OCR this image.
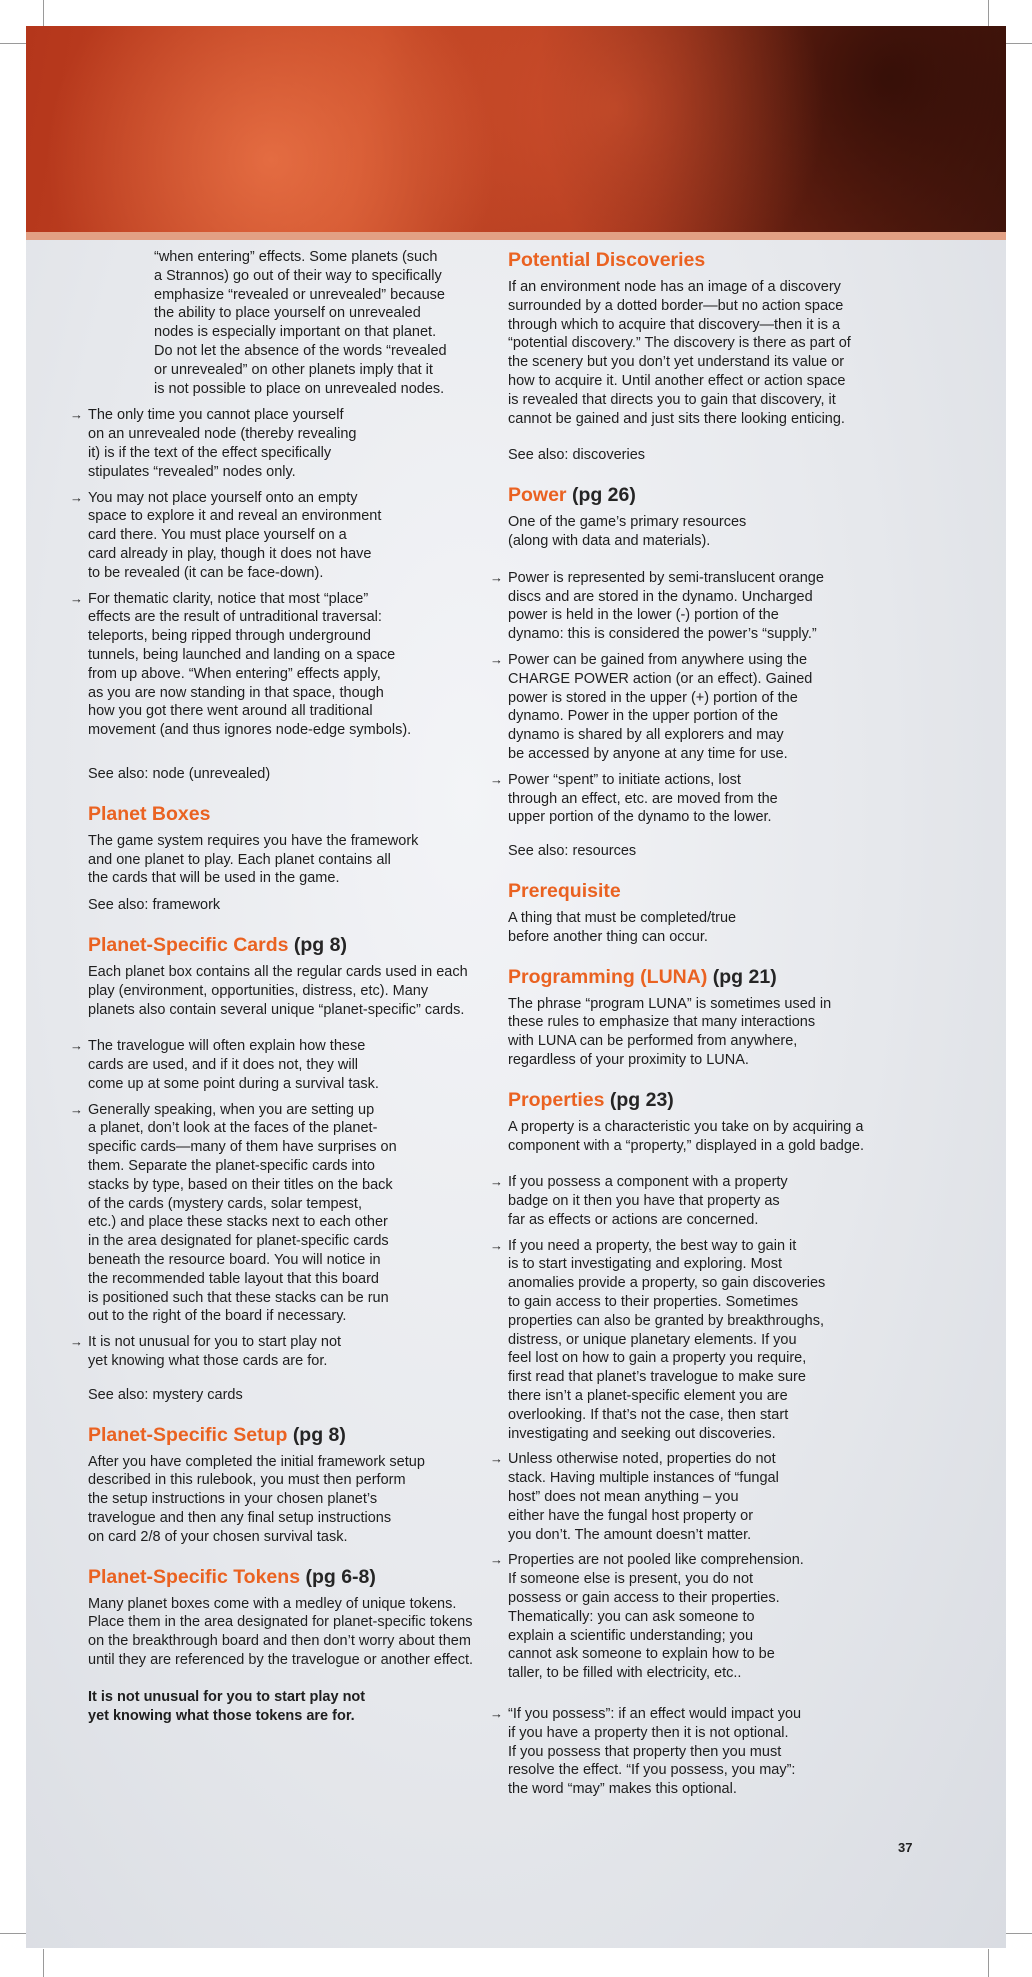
“when entering” effects. Some planets (such
a Strannos) go out of their way to specifically
emphasize “revealed or unrevealed” because
the ability to place yourself on unrevealed
nodes is especially important on that planet.
Do not let the absence of the words “revealed
or unrevealed” on other planets imply that it
is not possible to place on unrevealed nodes.

→ The only time you cannot place yourself
on an unrevealed node (thereby revealing
it) is if the text of the effect specifically
stipulates “revealed” nodes only.
→ You may not place yourself onto an empty
space to explore it and reveal an environment
card there. You must place yourself on a
card already in play, though it does not have
to be revealed (it can be face-down).
→ For thematic clarity, notice that most “place”
effects are the result of untraditional traversal:
teleports, being ripped through underground
tunnels, being launched and landing on a space
from up above. “When entering” effects apply,
as you are now standing in that space, though
how you got there went around all traditional
movement (and thus ignores node-edge symbols).

See also: node (unrevealed)

Planet Boxes

The game system requires you have the framework
and one planet to play. Each planet contains all
the cards that will be used in the game.

See also: framework

Planet-Specific Cards (pg 8)

Each planet box contains all the regular cards used in each
play (environment, opportunities, distress, etc). Many
planets also contain several unique “planet-specific” cards.

→ The travelogue will often explain how these
cards are used, and if it does not, they will
come up at some point during a survival task.
→ Generally speaking, when you are setting up
a planet, don’t look at the faces of the planet-
specific cards—many of them have surprises on
them. Separate the planet-specific cards into
stacks by type, based on their titles on the back
of the cards (mystery cards, solar tempest,
etc.) and place these stacks next to each other
in the area designated for planet-specific cards
beneath the resource board. You will notice in
the recommended table layout that this board
is positioned such that these stacks can be run
out to the right of the board if necessary.
→ It is not unusual for you to start play not
yet knowing what those cards are for.

See also: mystery cards

Planet-Specific Setup (pg 8)

After you have completed the initial framework setup
described in this rulebook, you must then perform
the setup instructions in your chosen planet’s
travelogue and then any final setup instructions
on card 2/8 of your chosen survival task.

Planet-Specific Tokens (pg 6-8)

Many planet boxes come with a medley of unique tokens.
Place them in the area designated for planet-specific tokens
on the breakthrough board and then don’t worry about them
until they are referenced by the travelogue or another effect.

It is not unusual for you to start play not
yet knowing what those tokens are for.

Potential Discoveries

If an environment node has an image of a discovery
surrounded by a dotted border—but no action space
through which to acquire that discovery—then it is a
“potential discovery.” The discovery is there as part of
the scenery but you don’t yet understand its value or
how to acquire it. Until another effect or action space
is revealed that directs you to gain that discovery, it
cannot be gained and just sits there looking enticing.

See also: discoveries

Power (pg 26)

One of the game’s primary resources
(along with data and materials).

→ Power is represented by semi-translucent orange
discs and are stored in the dynamo. Uncharged
power is held in the lower (-) portion of the
dynamo: this is considered the power’s “supply.”
→ Power can be gained from anywhere using the
CHARGE POWER action (or an effect). Gained
power is stored in the upper (+) portion of the
dynamo. Power in the upper portion of the
dynamo is shared by all explorers and may
be accessed by anyone at any time for use.
→ Power “spent” to initiate actions, lost
through an effect, etc. are moved from the
upper portion of the dynamo to the lower.

See also: resources

Prerequisite

A thing that must be completed/true
before another thing can occur.

Programming (LUNA) (pg 21)

The phrase “program LUNA” is sometimes used in
these rules to emphasize that many interactions
with LUNA can be performed from anywhere,
regardless of your proximity to LUNA.

Properties (pg 23)

A property is a characteristic you take on by acquiring a
component with a “property,” displayed in a gold badge.

→ If you possess a component with a property
badge on it then you have that property as
far as effects or actions are concerned.
→ If you need a property, the best way to gain it
is to start investigating and exploring. Most
anomalies provide a property, so gain discoveries
to gain access to their properties. Sometimes
properties can also be granted by breakthroughs,
distress, or unique planetary elements. If you
feel lost on how to gain a property you require,
first read that planet’s travelogue to make sure
there isn’t a planet-specific element you are
overlooking. If that’s not the case, then start
investigating and seeking out discoveries.
→ Unless otherwise noted, properties do not
stack. Having multiple instances of “fungal
host” does not mean anything – you
either have the fungal host property or
you don’t. The amount doesn’t matter.
→ Properties are not pooled like comprehension.
If someone else is present, you do not
possess or gain access to their properties.
Thematically: you can ask someone to
explain a scientific understanding; you
cannot ask someone to explain how to be
taller, to be filled with electricity, etc..
→ “If you possess”: if an effect would impact you
if you have a property then it is not optional.
If you possess that property then you must
resolve the effect. “If you possess, you may”:
the word “may” makes this optional.
37
